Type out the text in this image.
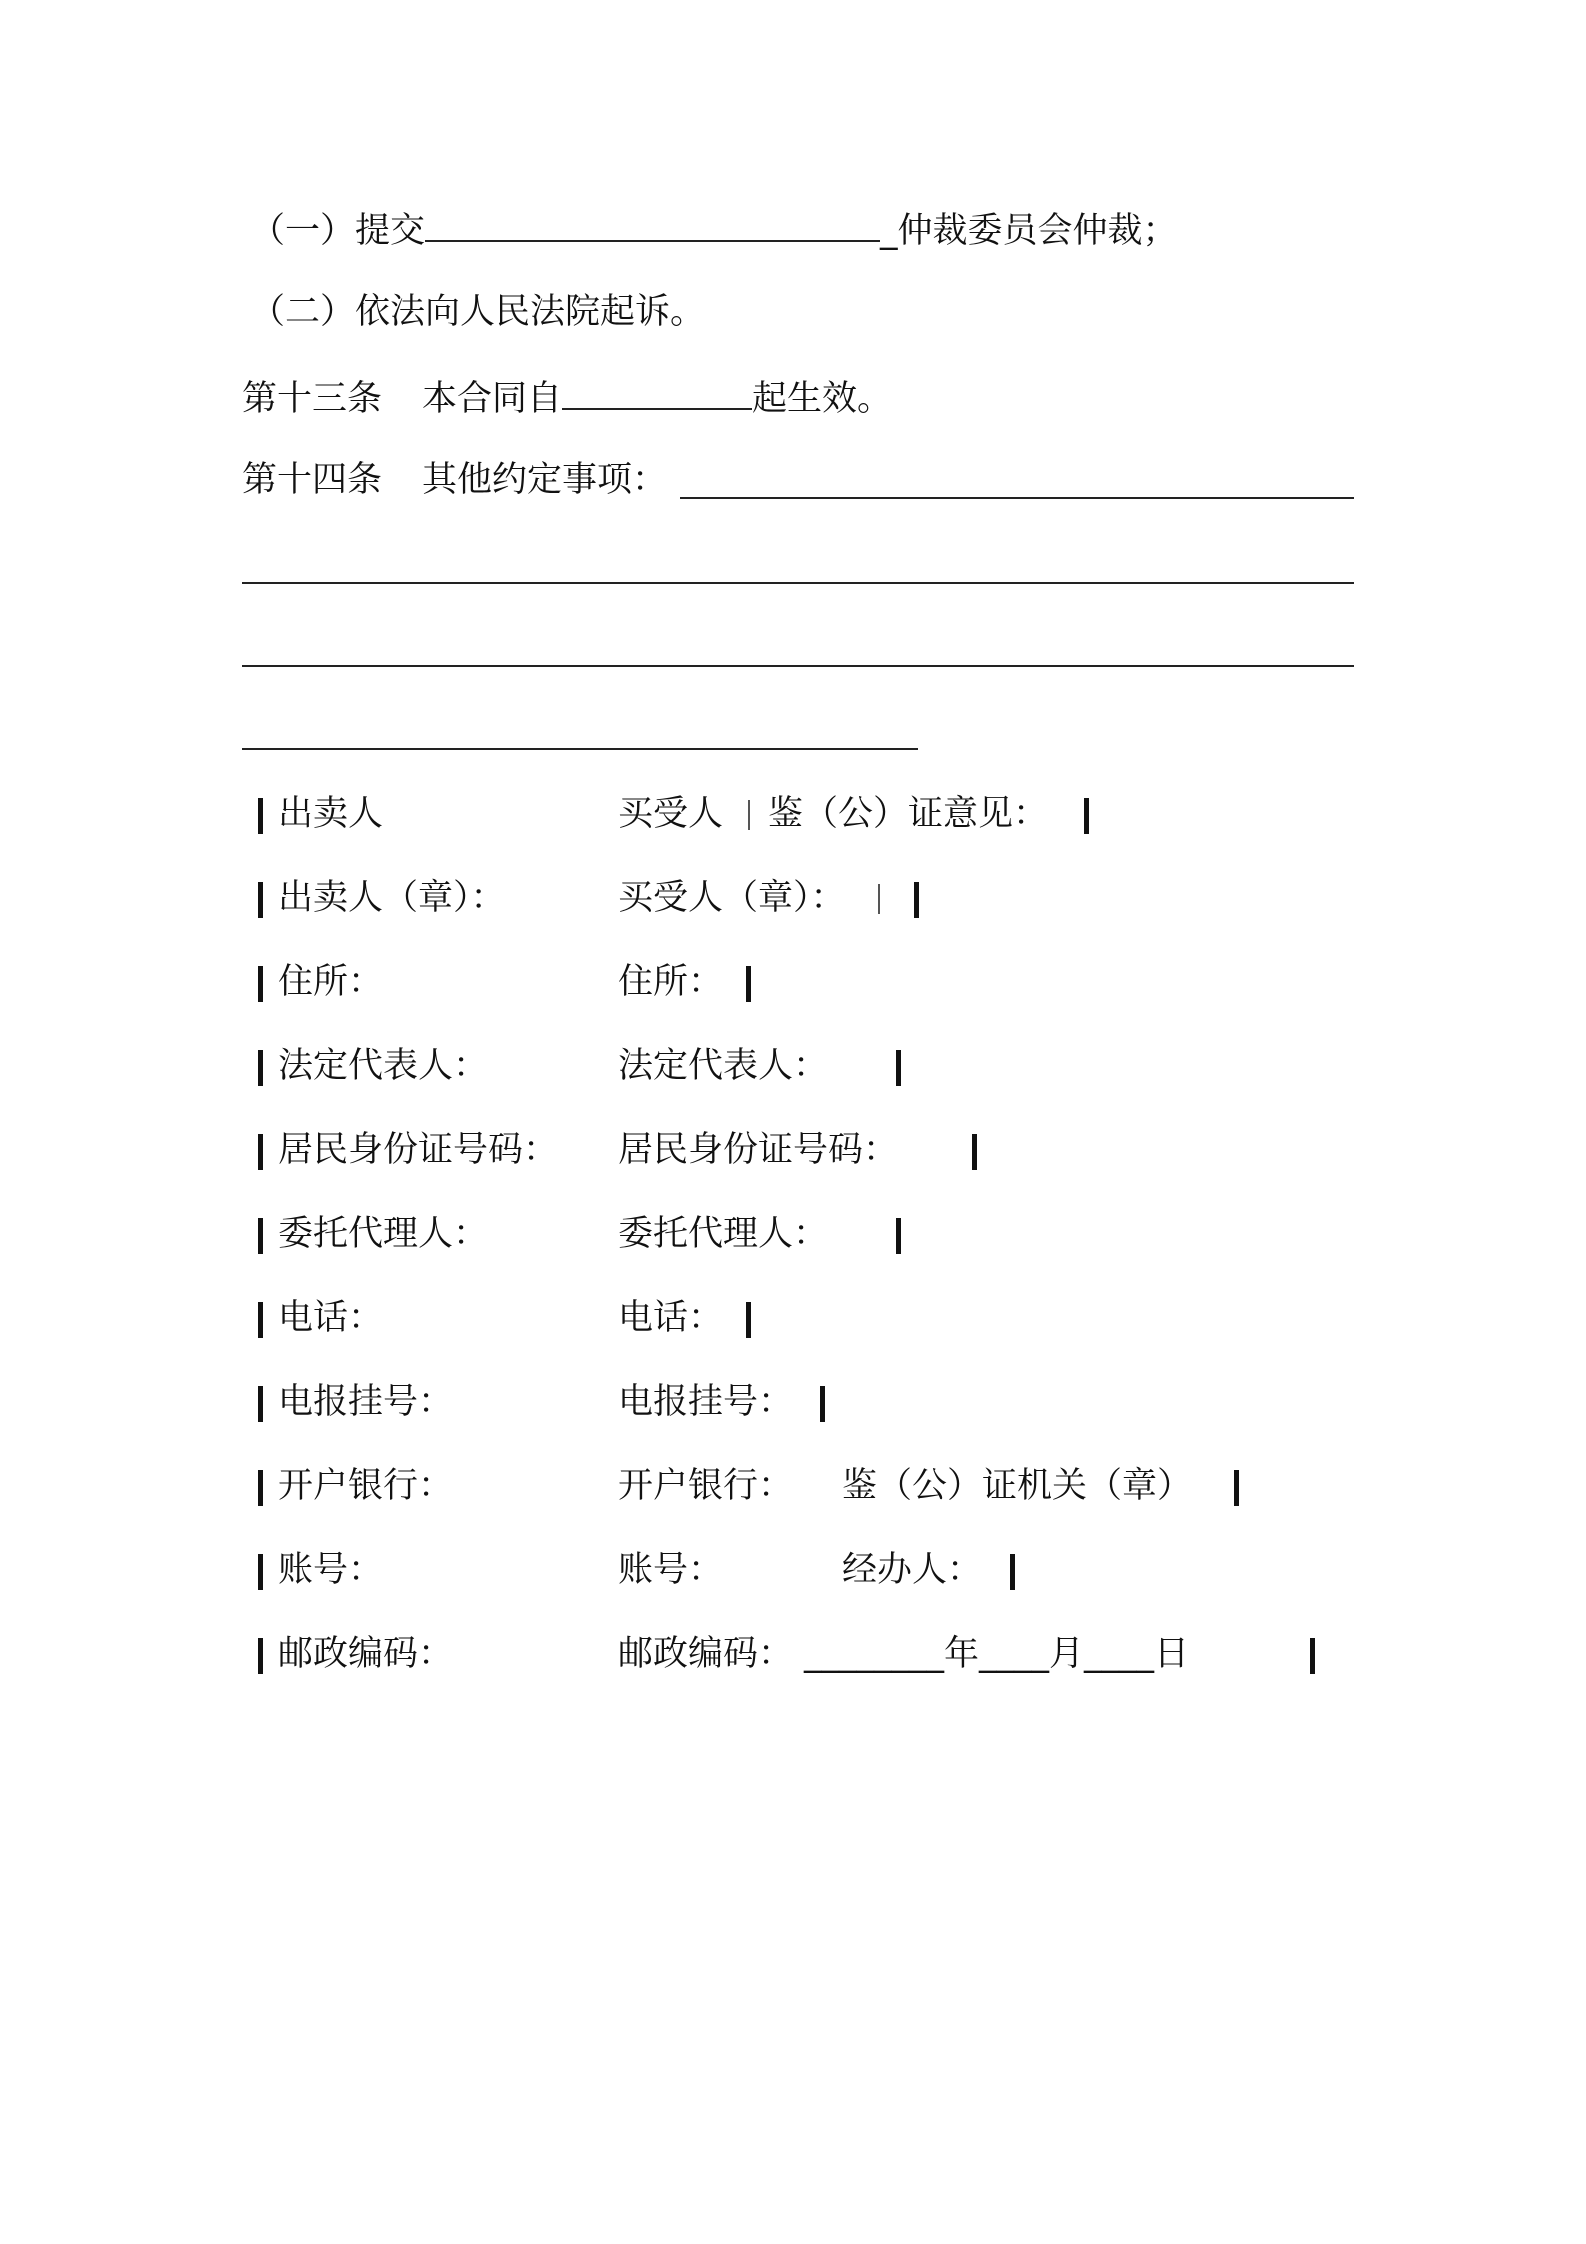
（一）提交	_仲裁委员会仲裁；
（二）依法向人民法院起诉。
第十三条 本合同自	起生效。
第十四条 其他约定事项：
出卖人	买受人 鉴（公）证意见：
出卖人（章）：	买受人（章）：
住所：	住所：
法定代表人：	法定代表人：
居民身份证号码： 居民身份证号码：
委托代理人：	委托代理人：
电话：	电话：
电报挂号：	电报挂号：
开户银行：	开户银行： 鉴（公）证机关（章）
账号：	账号：	经办人：
邮政编码：	邮政编码： ________年____月____日
